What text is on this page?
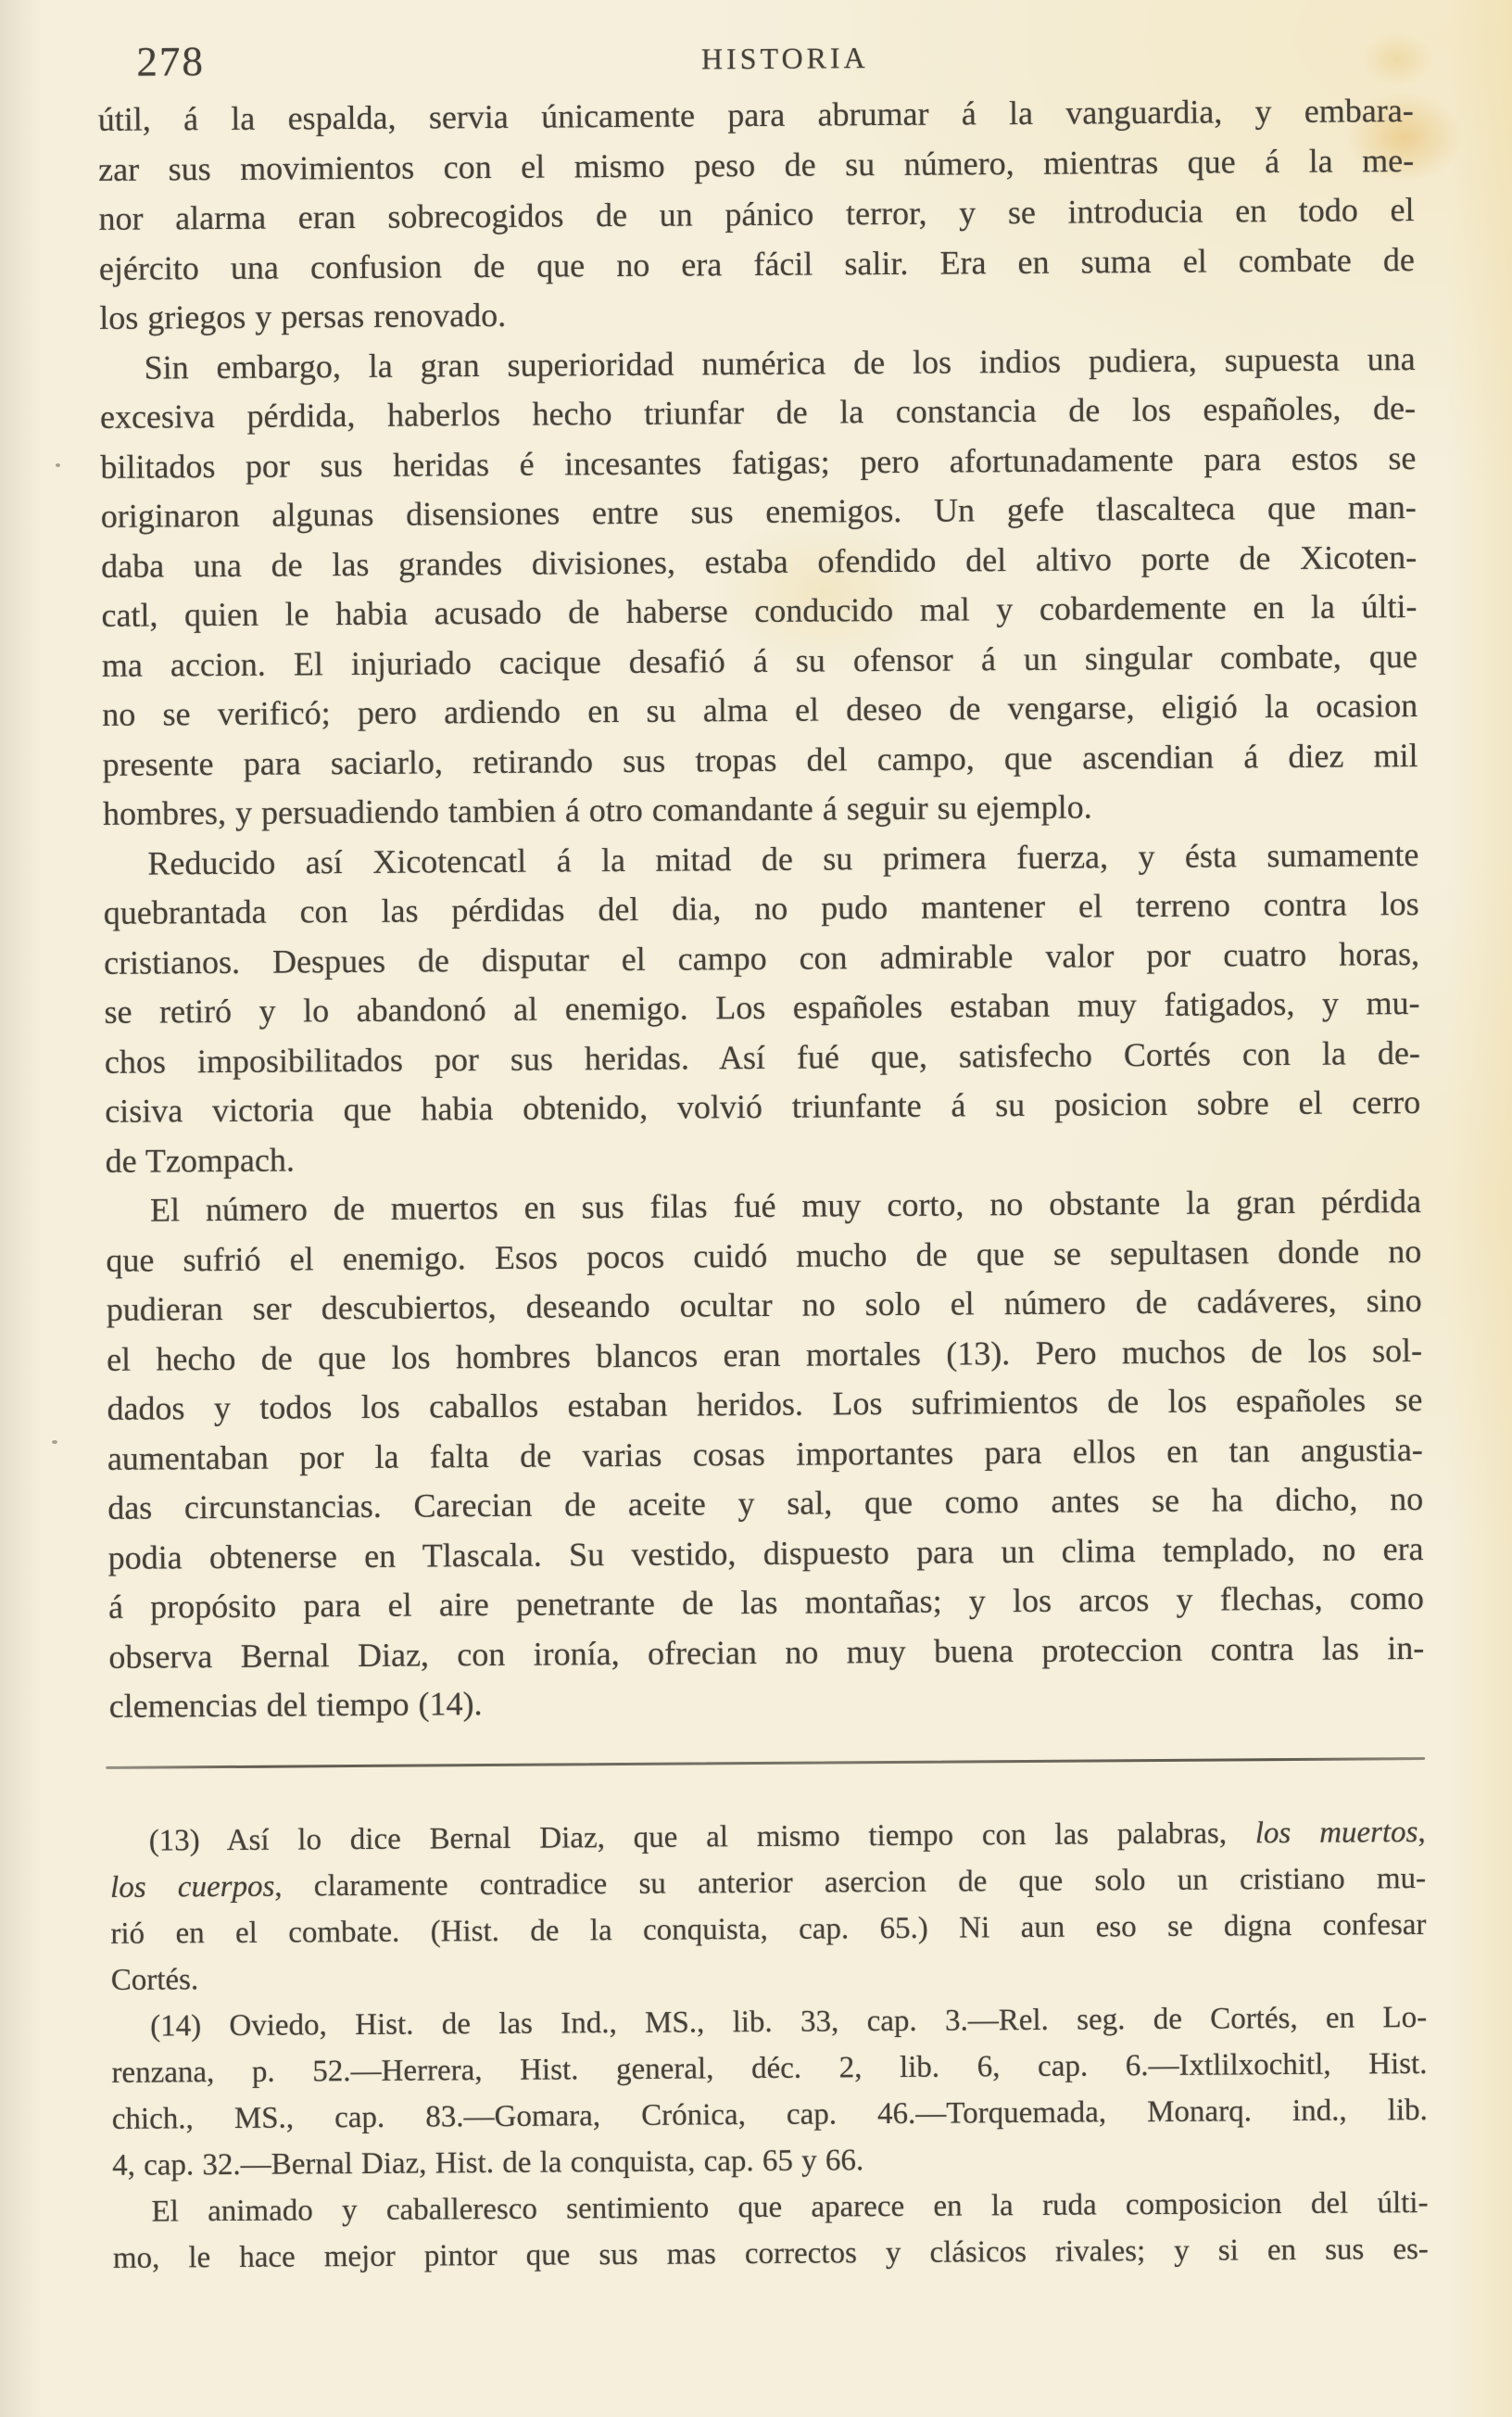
278	HISTORIA
útil, á la espalda, servia únicamente para abrumar á la vanguardia, y embara-
zar sus movimientos con el mismo peso de su número, mientras que á la me-
nor alarma eran sobrecogidos de un pánico terror, y se introducia en todo el
ejército una confusion de que no era fácil salir. Era en suma el combate de
los griegos y persas renovado.
Sin embargo, la gran superioridad numérica de los indios pudiera, supuesta una
excesiva pérdida, haberlos hecho triunfar de la constancia de los españoles, de-
bilitados por sus heridas é incesantes fatigas; pero afortunadamente para estos se
originaron algunas disensiones entre sus enemigos. Un gefe tlascalteca que man-
daba una de las grandes divisiones, estaba ofendido del altivo porte de Xicoten-
catl, quien le habia acusado de haberse conducido mal y cobardemente en la últi-
ma accion. El injuriado cacique desafió á su ofensor á un singular combate, que
no se verificó; pero ardiendo en su alma el deseo de vengarse, eligió la ocasion
presente para saciarlo, retirando sus tropas del campo, que ascendian á diez mil
hombres, y persuadiendo tambien á otro comandante á seguir su ejemplo.
Reducido así Xicotencatl á la mitad de su primera fuerza, y ésta sumamente
quebrantada con las pérdidas del dia, no pudo mantener el terreno contra los
cristianos. Despues de disputar el campo con admirable valor por cuatro horas,
se retiró y lo abandonó al enemigo. Los españoles estaban muy fatigados, y mu-
chos imposibilitados por sus heridas. Así fué que, satisfecho Cortés con la de-
cisiva victoria que habia obtenido, volvió triunfante á su posicion sobre el cerro
de Tzompach.
El número de muertos en sus filas fué muy corto, no obstante la gran pérdida
que sufrió el enemigo. Esos pocos cuidó mucho de que se sepultasen donde no
pudieran ser descubiertos, deseando ocultar no solo el número de cadáveres, sino
el hecho de que los hombres blancos eran mortales (13). Pero muchos de los sol-
dados y todos los caballos estaban heridos. Los sufrimientos de los españoles se
aumentaban por la falta de varias cosas importantes para ellos en tan angustia-
das circunstancias. Carecian de aceite y sal, que como antes se ha dicho, no
podia obtenerse en Tlascala. Su vestido, dispuesto para un clima templado, no era
á propósito para el aire penetrante de las montañas; y los arcos y flechas, como
observa Bernal Diaz, con ironía, ofrecian no muy buena proteccion contra las in-
clemencias del tiempo (14).
(13) Así lo dice Bernal Diaz, que al mismo tiempo con las palabras, los muertos,
los cuerpos, claramente contradice su anterior asercion de que solo un cristiano mu-
rió en el combate. (Hist. de la conquista, cap. 65.) Ni aun eso se digna confesar
Cortés.
(14) Oviedo, Hist. de las Ind., MS., lib. 33, cap. 3.—Rel. seg. de Cortés, en Lo-
renzana, p. 52.—Herrera, Hist. general, déc. 2, lib. 6, cap. 6.—Ixtlilxochitl, Hist.
chich., MS., cap. 83.—Gomara, Crónica, cap. 46.—Torquemada, Monarq. ind., lib.
4, cap. 32.—Bernal Diaz, Hist. de la conquista, cap. 65 y 66.
El animado y caballeresco sentimiento que aparece en la ruda composicion del últi-
mo, le hace mejor pintor que sus mas correctos y clásicos rivales; y si en sus es-
